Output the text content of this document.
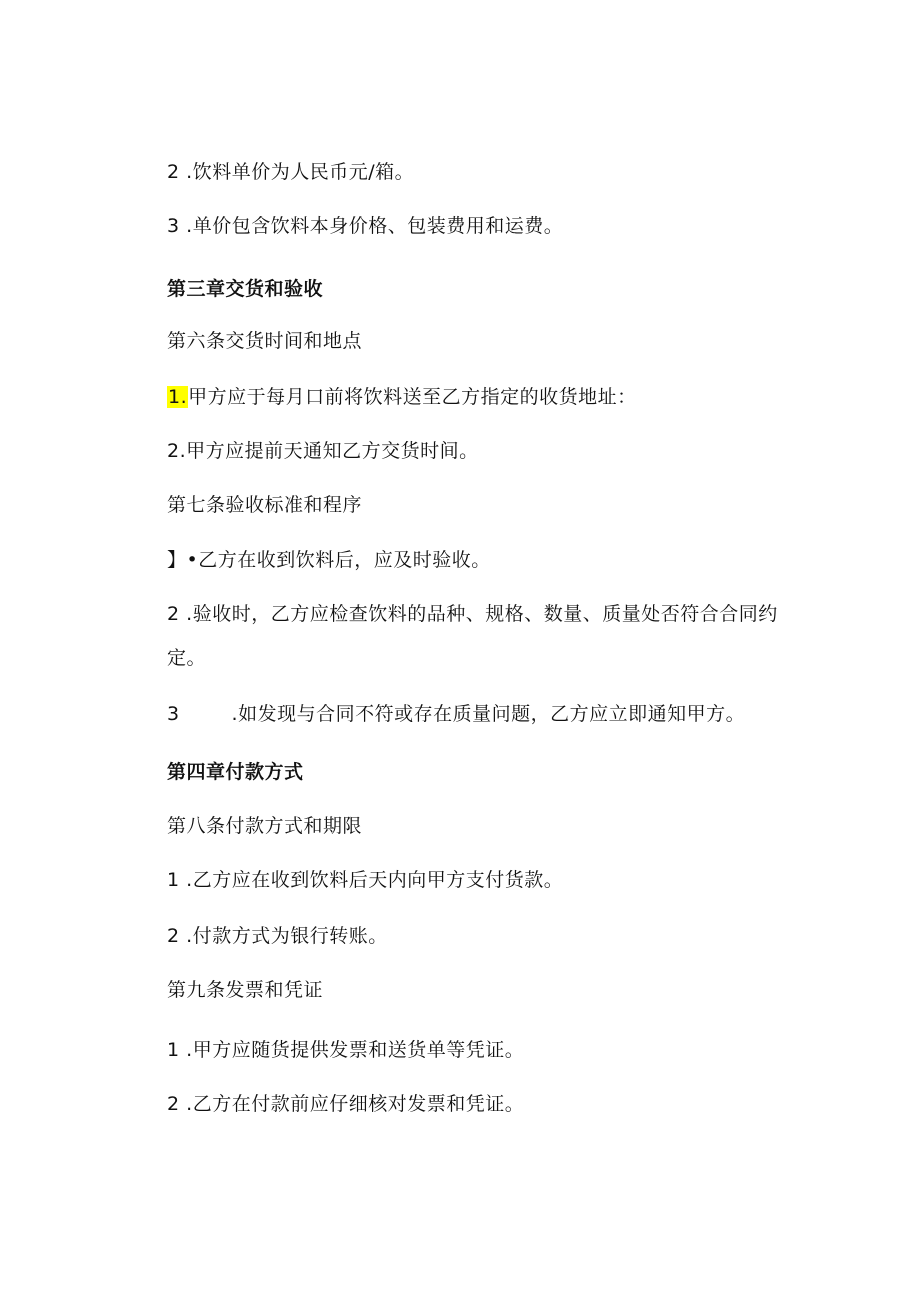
2 .饮料单价为人民币元/箱。
3 .单价包含饮料本身价格、包装费用和运费。
第三章交货和验收
第六条交货时间和地点
1.甲方应于每月口前将饮料送至乙方指定的收货地址：
2.甲方应提前天通知乙方交货时间。
第七条验收标准和程序
】•乙方在收到饮料后，应及时验收。
2 .验收时，乙方应检查饮料的品种、规格、数量、质量处否符合合同约定。
3 .如发现与合同不符或存在质量问题，乙方应立即通知甲方。
第四章付款方式
第八条付款方式和期限
1 .乙方应在收到饮料后天内向甲方支付货款。
2 .付款方式为银行转账。
第九条发票和凭证
1 .甲方应随货提供发票和送货单等凭证。
2 .乙方在付款前应仔细核对发票和凭证。
